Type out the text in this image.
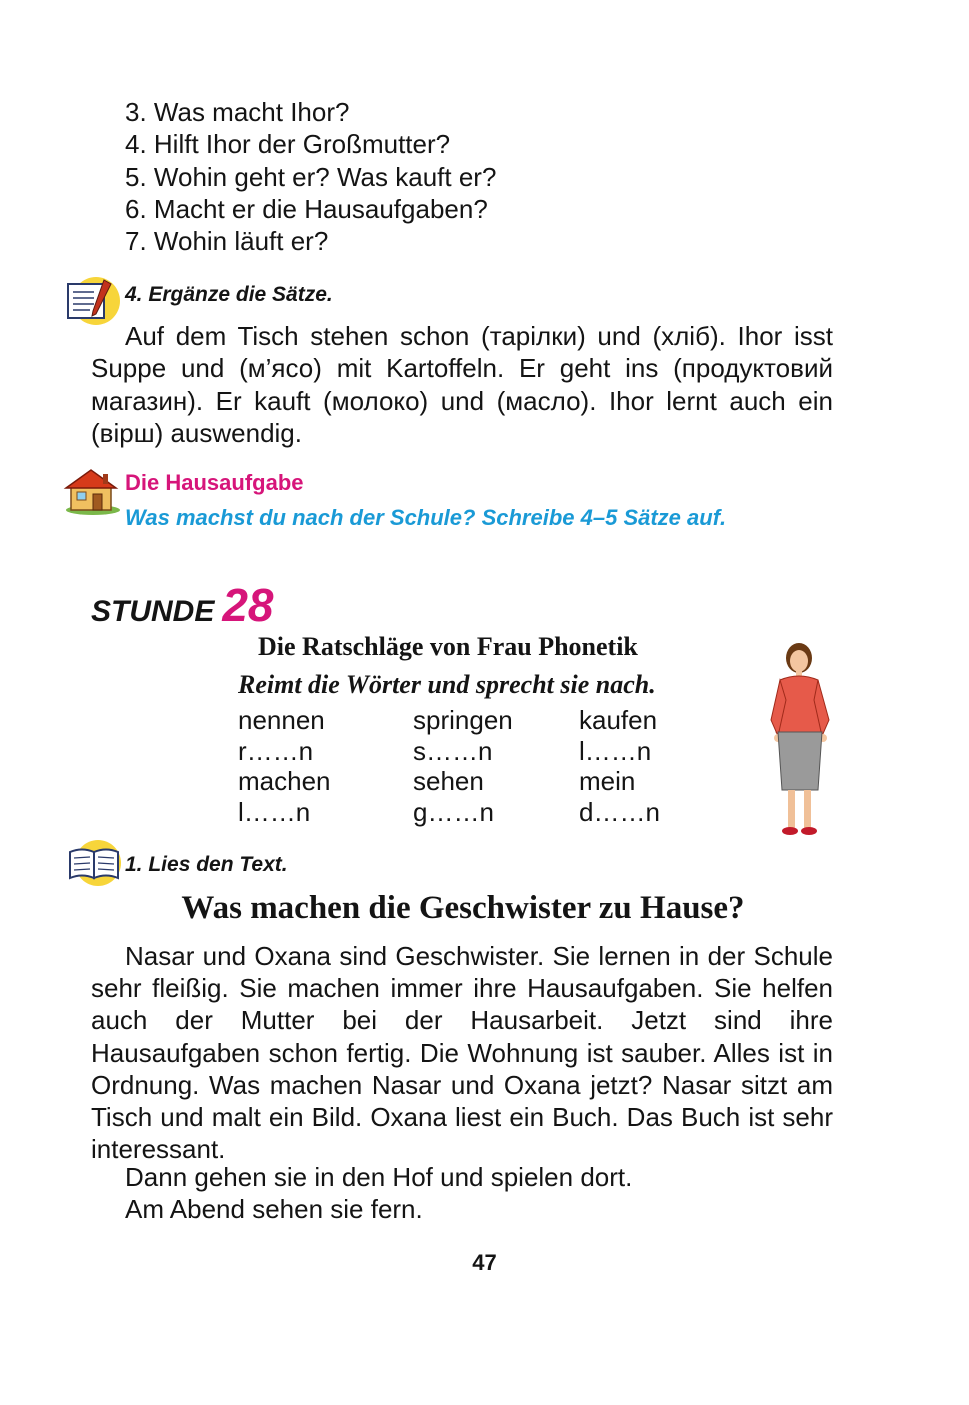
3. Was macht Ihor?
4. Hilft Ihor der Großmutter?
5. Wohin geht er? Was kauft er?
6. Macht er die Hausaufgaben?
7. Wohin läuft er?
4. Ergänze die Sätze.

Auf dem Tisch stehen schon (тарілки) und (хліб). Ihor isst Suppe und (м’ясо) mit Kartoffeln. Er geht ins (продуктовий магазин). Er kauft (молоко) und (масло). Ihor lernt auch ein (вірш) auswendig.

Die Hausaufgabe
Was machst du nach der Schule? Schreibe 4–5 Sätze auf.
STUNDE 28
Die Ratschläge von Frau Phonetik
Reimt die Wörter und sprecht sie nach.
nennen	springen	kaufen
r……n	s……n	l……n
machen	sehen	mein
l……n	g……n	d……n
1. Lies den Text.
Was machen die Geschwister zu Hause?

Nasar und Oxana sind Geschwister. Sie lernen in der Schule sehr fleißig. Sie machen immer ihre Hausaufgaben. Sie helfen auch der Mutter bei der Hausarbeit. Jetzt sind ihre Hausaufgaben schon fertig. Die Wohnung ist sauber. Alles ist in Ordnung. Was machen Nasar und Oxana jetzt? Nasar sitzt am Tisch und malt ein Bild. Oxana liest ein Buch. Das Buch ist sehr interessant.

Dann gehen sie in den Hof und spielen dort.
Am Abend sehen sie fern.
47
